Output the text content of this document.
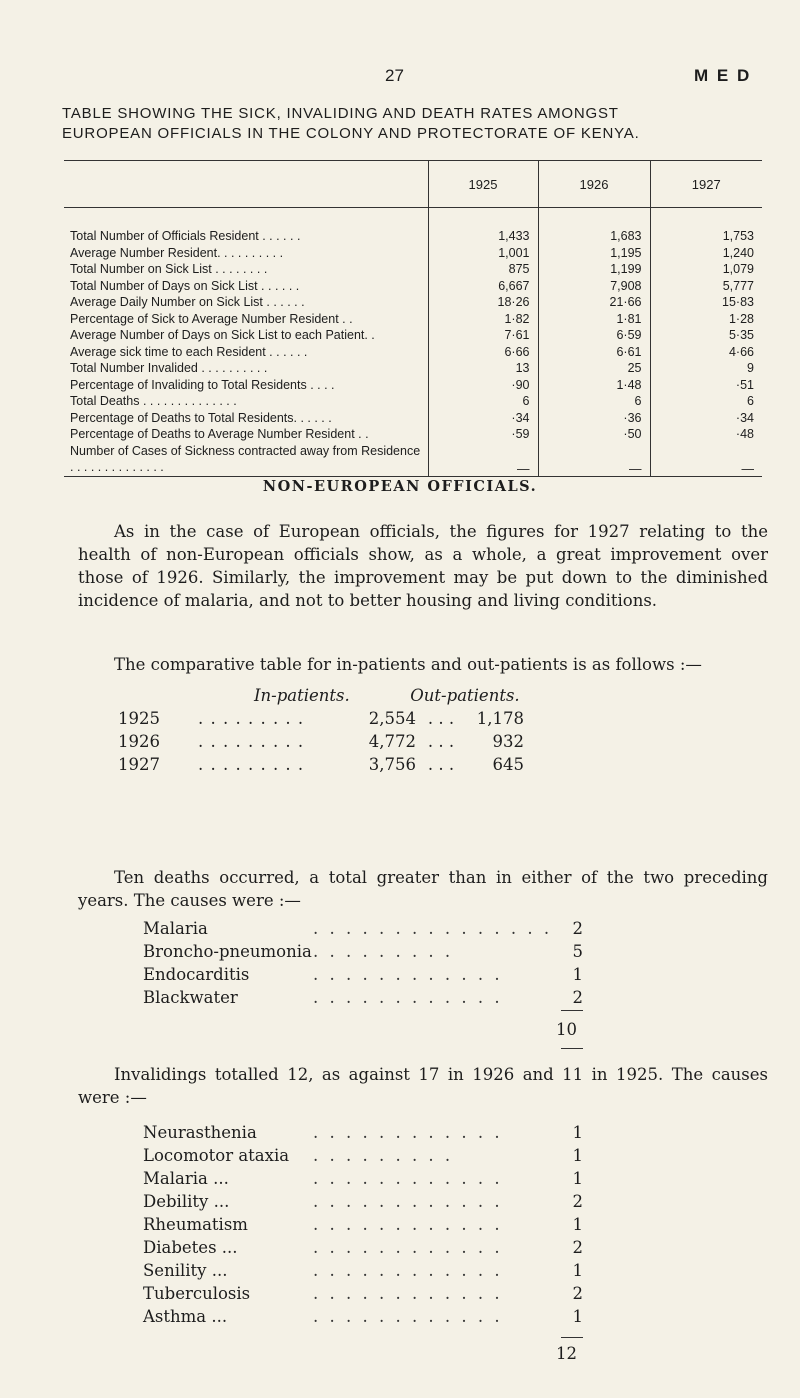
27	M E D
TABLE SHOWING THE SICK, INVALIDING AND DEATH RATES AMONGST
EUROPEAN OFFICIALS IN THE COLONY AND PROTECTORATE OF KENYA.
	1925	1926	1927
Total Number of Officials Resident . . . . . .	1,433	1,683	1,753
Average Number Resident. . . . . . . . . .	1,001	1,195	1,240
Total Number on Sick List . . . . . . . .	875	1,199	1,079
Total Number of Days on Sick List . . . . . .	6,667	7,908	5,777
Average Daily Number on Sick List . . . . . .	18·26	21·66	15·83
Percentage of Sick to Average Number Resident . .	1·82	1·81	1·28
Average Number of Days on Sick List to each Patient. .	7·61	6·59	5·35
Average sick time to each Resident . . . . . .	6·66	6·61	4·66
Total Number Invalided . . . . . . . . . .	13	25	9
Percentage of Invaliding to Total Residents . . . .	·90	1·48	·51
Total Deaths . . . . . . . . . . . . . .	6	6	6
Percentage of Deaths to Total Residents. . . . . .	·34	·36	·34
Percentage of Deaths to Average Number Resident . .	·59	·50	·48
Number of Cases of Sickness contracted away from Residence . . . . . . . . . . . . . .	—	—	—
NON-EUROPEAN OFFICIALS.
As in the case of European officials, the figures for 1927 relating to the health of non-European officials show, as a whole, a great improvement over those of 1926. Similarly, the improvement may be put down to the diminished incidence of malaria, and not to better housing and living conditions.
The comparative table for in-patients and out-patients is as follows :—
In-patients.	Out-patients.
1925 . . . . . . . . .	2,554 . . . 1,178
1926 . . . . . . . . .	4,772 . . . 932
1927 . . . . . . . . .	3,756 . . . 645
Ten deaths occurred, a total greater than in either of the two preceding years. The causes were :—
Malaria	. . . . . . . . . . . . . . .	2
Broncho-pneumonia . . . . . . . . .	5
Endocarditis	. . . . . . . . . . . .	1
Blackwater	. . . . . . . . . . . .	2
10
Invalidings totalled 12, as against 17 in 1926 and 11 in 1925. The causes were :—
Neurasthenia	. . . . . . . . . . . .	1
Locomotor ataxia . . . . . . . . .	1
Malaria ...	. . . . . . . . . . . .	1
Debility ...	. . . . . . . . . . . .	2
Rheumatism	. . . . . . . . . . . .	1
Diabetes ...	. . . . . . . . . . . .	2
Senility ...	. . . . . . . . . . . .	1
Tuberculosis	. . . . . . . . . . . .	2
Asthma ...	. . . . . . . . . . . .	1
12
